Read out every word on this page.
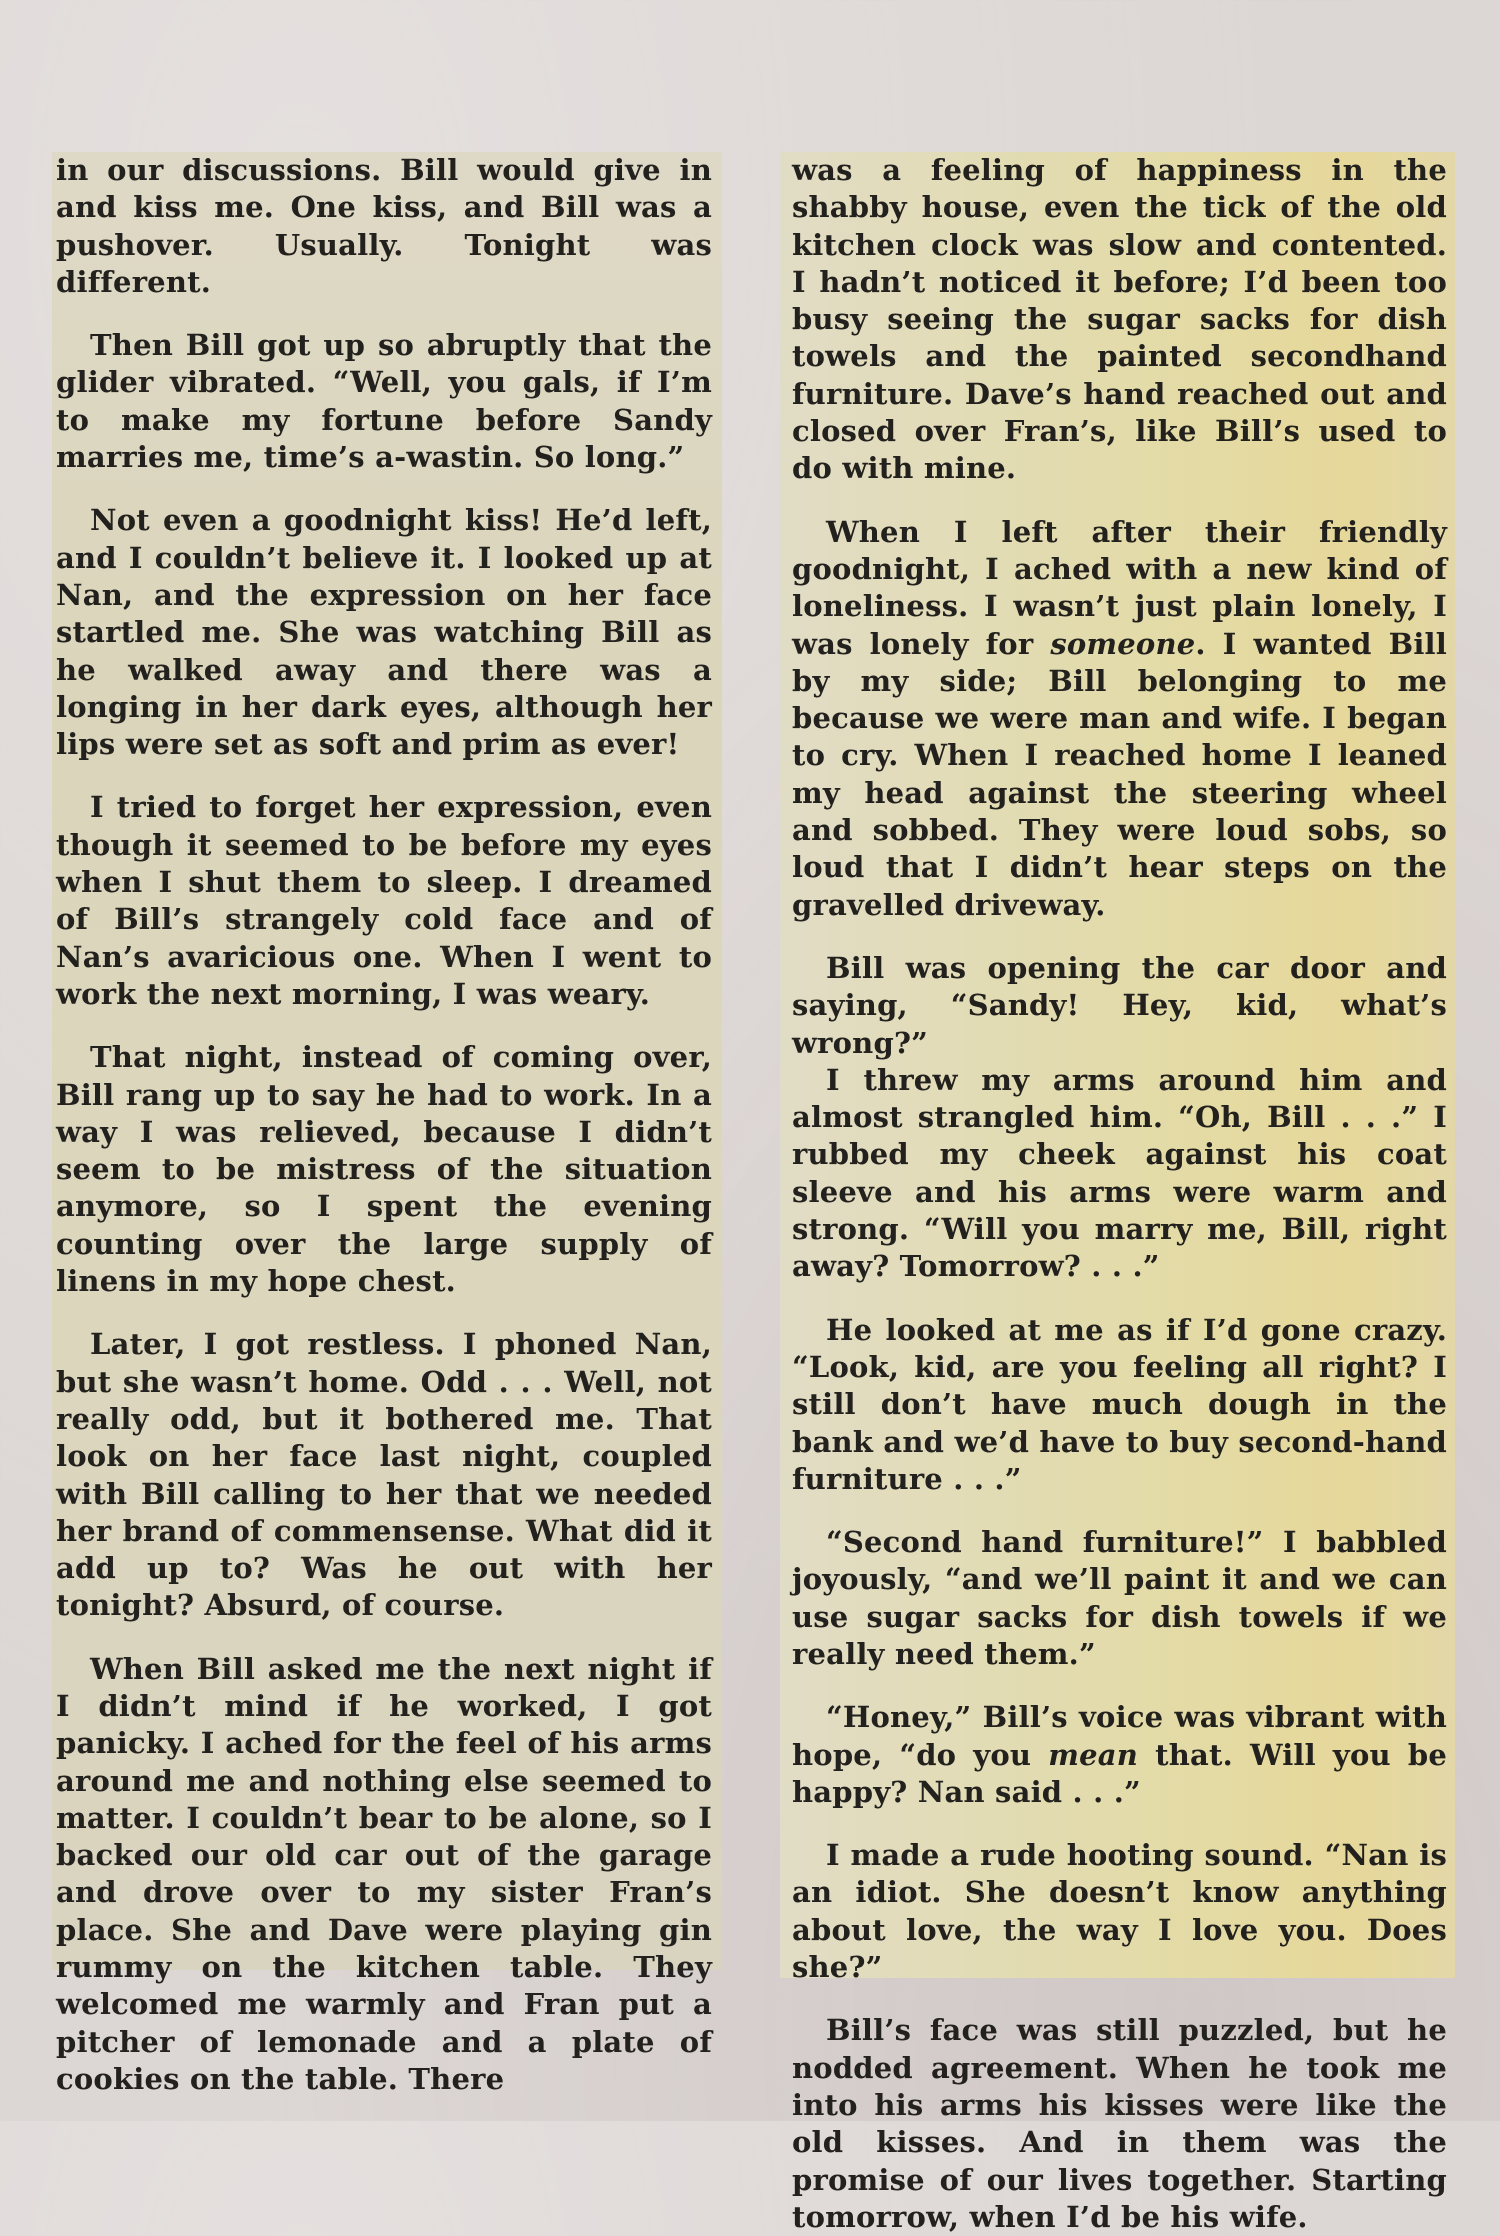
in our discussions. Bill would give in and kiss me. One kiss, and Bill was a pushover. Usually. Tonight was different.

Then Bill got up so abruptly that the glider vibrated. “Well, you gals, if I’m to make my fortune before Sandy marries me, time’s a-wastin. So long.”

Not even a goodnight kiss! He’d left, and I couldn’t believe it. I looked up at Nan, and the expression on her face startled me. She was watching Bill as he walked away and there was a longing in her dark eyes, although her lips were set as soft and prim as ever!

I tried to forget her expression, even though it seemed to be before my eyes when I shut them to sleep. I dreamed of Bill’s strangely cold face and of Nan’s avaricious one. When I went to work the next morning, I was weary.

That night, instead of coming over, Bill rang up to say he had to work. In a way I was relieved, because I didn’t seem to be mistress of the situation anymore, so I spent the evening counting over the large supply of linens in my hope chest.

Later, I got restless. I phoned Nan, but she wasn’t home. Odd . . . Well, not really odd, but it bothered me. That look on her face last night, coupled with Bill calling to her that we needed her brand of commensense. What did it add up to? Was he out with her tonight? Absurd, of course.

When Bill asked me the next night if I didn’t mind if he worked, I got panicky. I ached for the feel of his arms around me and nothing else seemed to matter. I couldn’t bear to be alone, so I backed our old car out of the garage and drove over to my sister Fran’s place. She and Dave were playing gin rummy on the kitchen table. They welcomed me warmly and Fran put a pitcher of lemonade and a plate of cookies on the table. There

was a feeling of happiness in the shabby house, even the tick of the old kitchen clock was slow and contented. I hadn’t noticed it before; I’d been too busy seeing the sugar sacks for dish towels and the painted secondhand furniture. Dave’s hand reached out and closed over Fran’s, like Bill’s used to do with mine.

When I left after their friendly goodnight, I ached with a new kind of loneliness. I wasn’t just plain lonely, I was lonely for someone. I wanted Bill by my side; Bill belonging to me because we were man and wife. I began to cry. When I reached home I leaned my head against the steering wheel and sobbed. They were loud sobs, so loud that I didn’t hear steps on the gravelled driveway.

Bill was opening the car door and saying, “Sandy! Hey, kid, what’s wrong?”

I threw my arms around him and almost strangled him. “Oh, Bill . . .” I rubbed my cheek against his coat sleeve and his arms were warm and strong. “Will you marry me, Bill, right away? Tomorrow? . . .”

He looked at me as if I’d gone crazy. “Look, kid, are you feeling all right? I still don’t have much dough in the bank and we’d have to buy second-hand furniture . . .”

“Second hand furniture!” I babbled joyously, “and we’ll paint it and we can use sugar sacks for dish towels if we really need them.”

“Honey,” Bill’s voice was vibrant with hope, “do you mean that. Will you be happy? Nan said . . .”

I made a rude hooting sound. “Nan is an idiot. She doesn’t know anything about love, the way I love you. Does she?”

Bill’s face was still puzzled, but he nodded agreement. When he took me into his arms his kisses were like the old kisses. And in them was the promise of our lives together. Starting tomorrow, when I’d be his wife.
